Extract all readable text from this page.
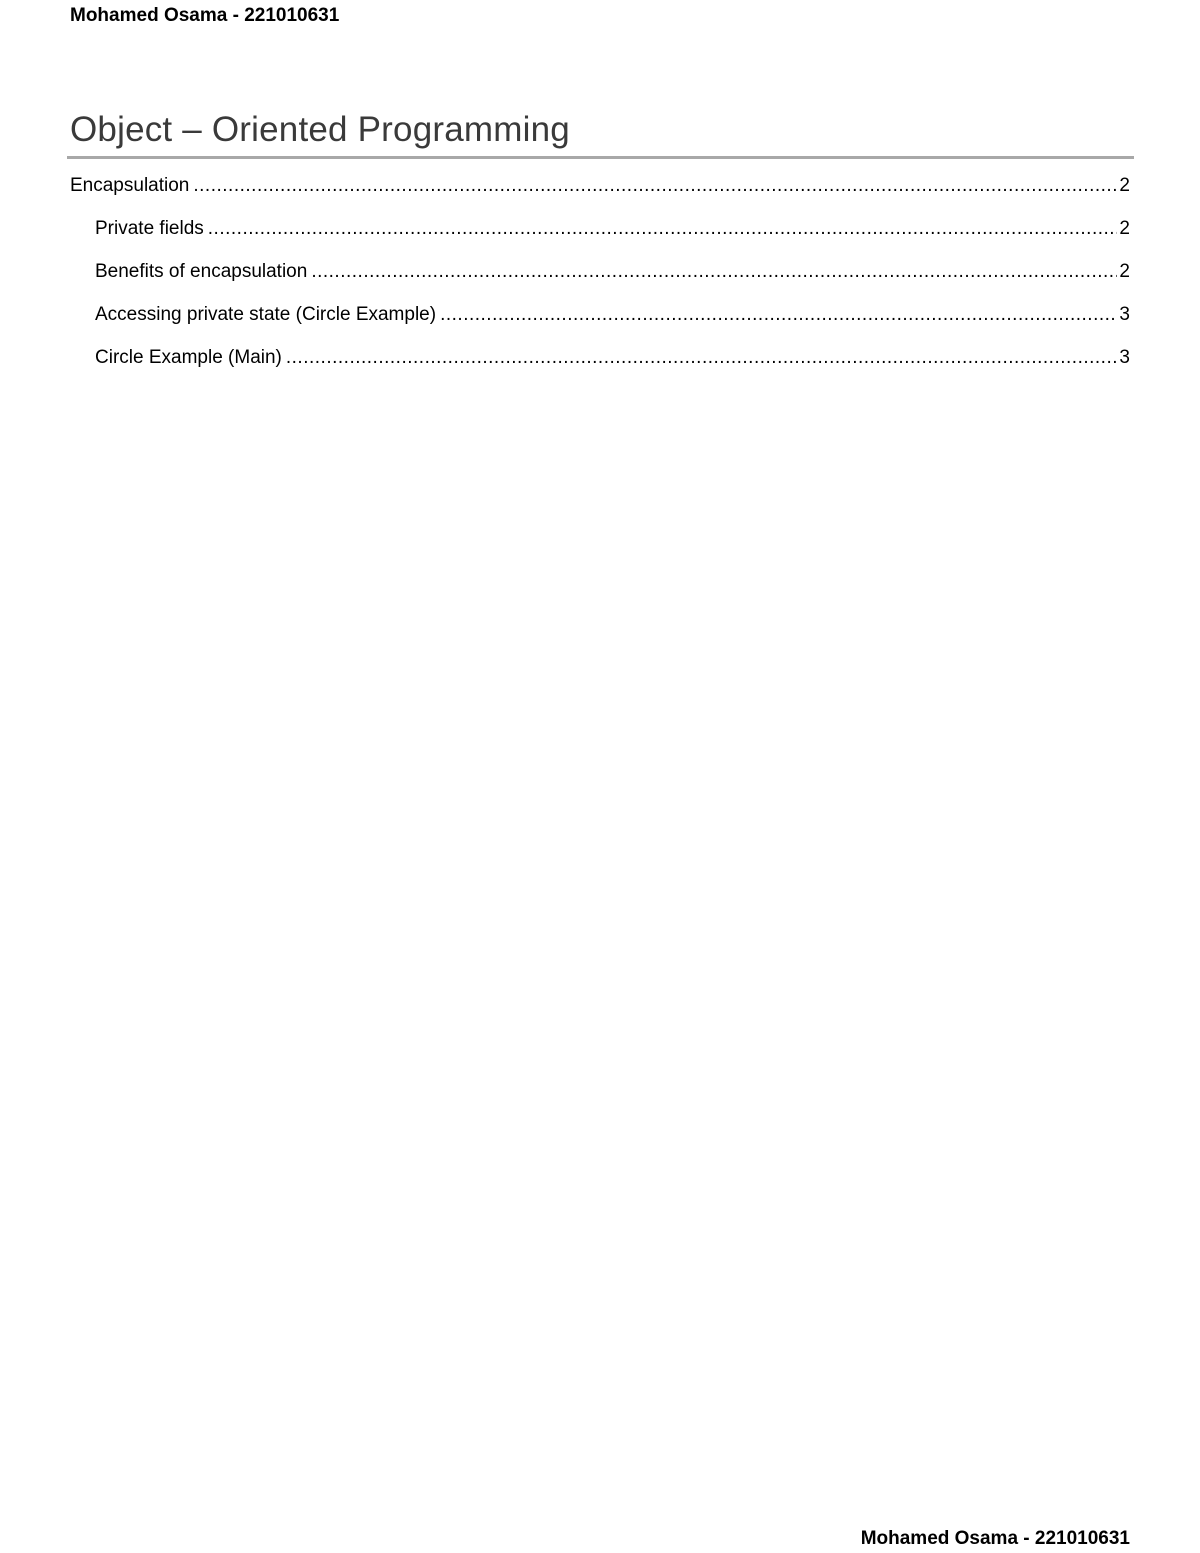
Mohamed Osama - 221010631
Object – Oriented Programming
Encapsulation .....	2
Private fields .....	2
Benefits of encapsulation .....	2
Accessing private state (Circle Example) .....	3
Circle Example (Main) .....	3
Mohamed Osama - 221010631
